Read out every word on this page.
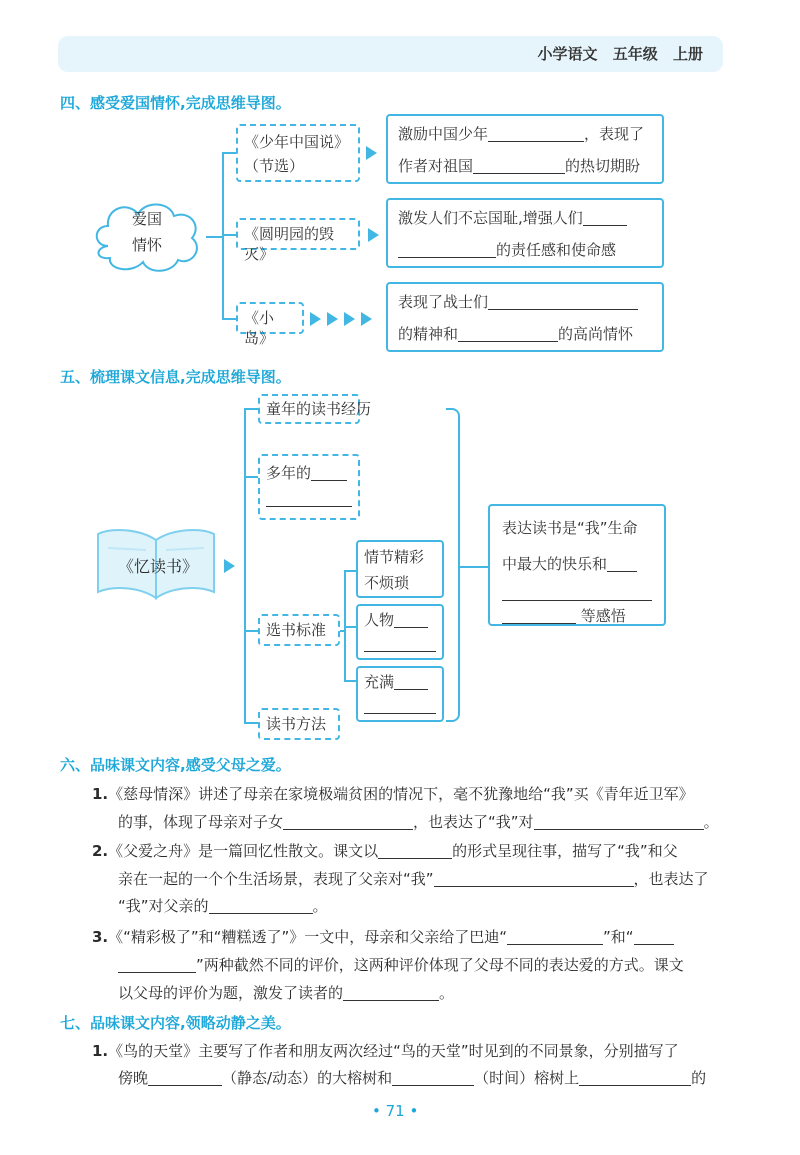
小学语文 五年级 上册
四、感受爱国情怀,完成思维导图。
爱国
情怀
《少年中国说》
（节选）
《圆明园的毁灭》
《小岛》
激励中国少年	，表现了
作者对祖国	的热切期盼
激发人们不忘国耻,增强人们
的责任感和使命感
表现了战士们
的精神和	的高尚情怀
五、梳理课文信息,完成思维导图。
《忆读书》
童年的读书经历
多年的
选书标准
读书方法
情节精彩
不烦琐
人物
充满
表达读书是“我”生命
中最大的快乐和
等感悟
六、品味课文内容,感受父母之爱。
1.《慈母情深》讲述了母亲在家境极端贫困的情况下，毫不犹豫地给“我”买《青年近卫军》
的事，体现了母亲对子女	，也表达了“我”对	。
2.《父爱之舟》是一篇回忆性散文。课文以	的形式呈现往事，描写了“我”和父
亲在一起的一个个生活场景，表现了父亲对“我”	，也表达了
“我”对父亲的	。
3.《“精彩极了”和“糟糕透了”》一文中，母亲和父亲给了巴迪“	”和“
”两种截然不同的评价，这两种评价体现了父母不同的表达爱的方式。课文
以父母的评价为题，激发了读者的	。
七、品味课文内容,领略动静之美。
1.《鸟的天堂》主要写了作者和朋友两次经过“鸟的天堂”时见到的不同景象，分别描写了
傍晚	（静态/动态）的大榕树和	（时间）榕树上	的
• 71 •
